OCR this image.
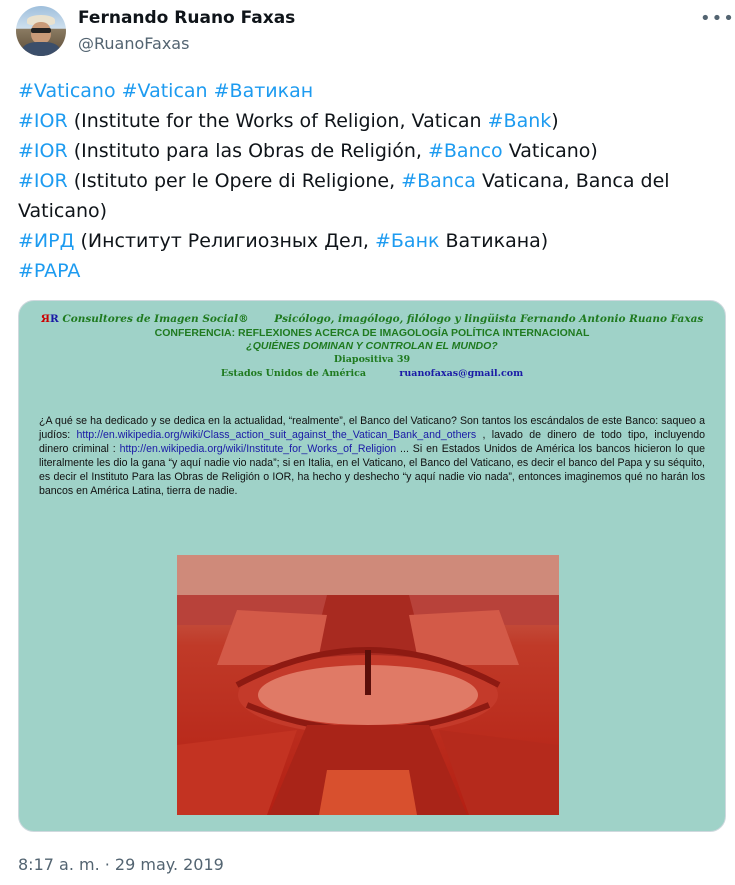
Fernando Ruano Faxas
@RuanoFaxas
•••
#Vaticano #Vatican #Ватикан
#IOR (Institute for the Works of Religion, Vatican #Bank)
#IOR (Instituto para las Obras de Religión, #Banco Vaticano)
#IOR (Istituto per le Opere di Religione, #Banca Vaticana, Banca del
Vaticano)
#ИРД (Институт Религиозных Дел, #Банк Ватикана)
#PAPA
ЯR Consultores de Imagen Social® Psicólogo, imagólogo, filólogo y lingüista Fernando Antonio Ruano Faxas
CONFERENCIA: REFLEXIONES ACERCA DE IMAGOLOGÍA POLÍTICA INTERNACIONAL
¿QUIÉNES DOMINAN Y CONTROLAN EL MUNDO?
Diapositiva 39
Estados Unidos de América	ruanofaxas@gmail.com
¿A qué se ha dedicado y se dedica en la actualidad, “realmente”, el Banco del Vaticano? Son tantos los escándalos de este Banco: saqueo a judíos: http://en.wikipedia.org/wiki/Class_action_suit_against_the_Vatican_Bank_and_others , lavado de dinero de todo tipo, incluyendo dinero criminal : http://en.wikipedia.org/wiki/Institute_for_Works_of_Religion ... Si en Estados Unidos de América los bancos hicieron lo que literalmente les dio la gana “y aquí nadie vio nada”; si en Italia, en el Vaticano, el Banco del Vaticano, es decir el banco del Papa y su séquito, es decir el Instituto Para las Obras de Religión o IOR, ha hecho y deshecho “y aquí nadie vio nada”, entonces imaginemos qué no harán los bancos en América Latina, tierra de nadie.
8:17 a. m. · 29 may. 2019
